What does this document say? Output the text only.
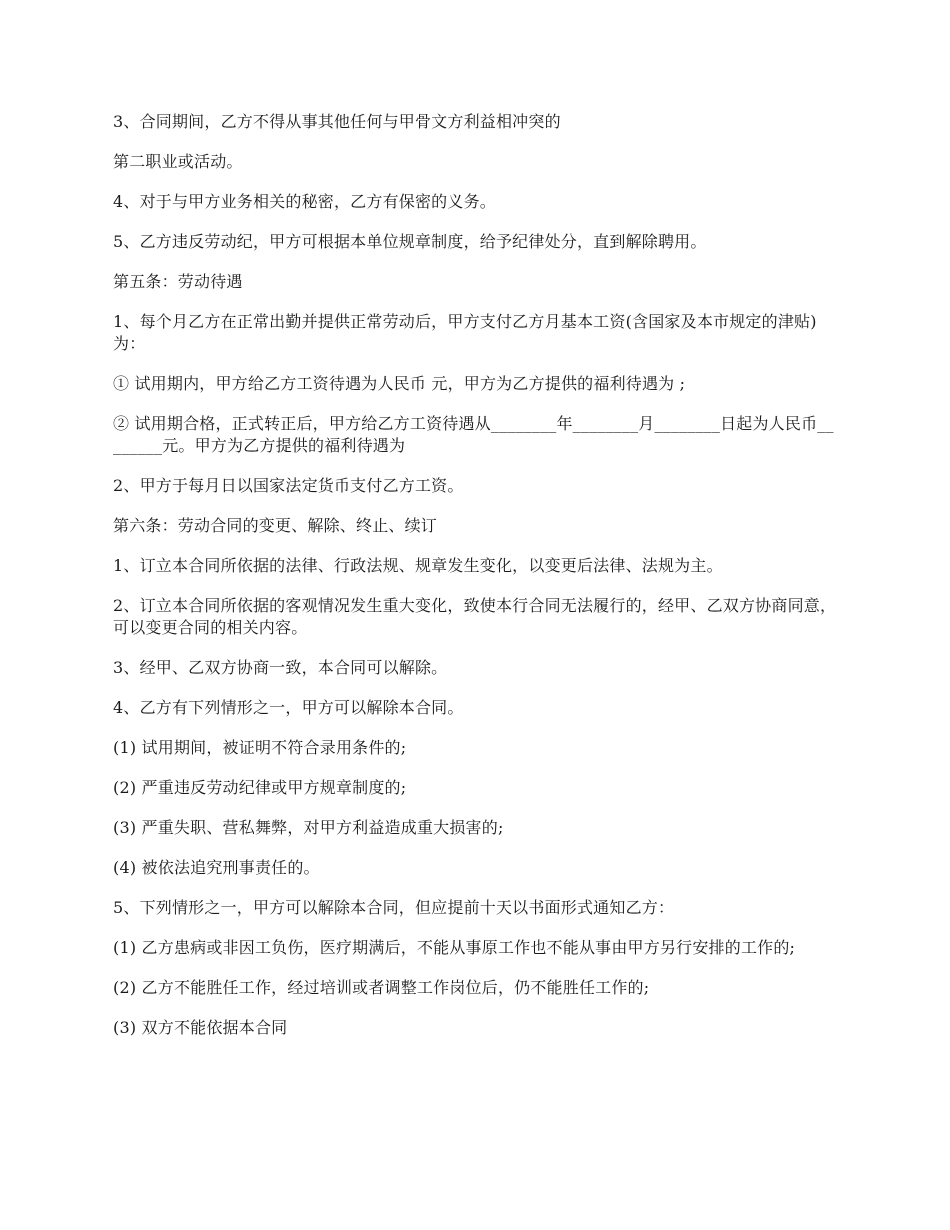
3、合同期间，乙方不得从事其他任何与甲骨文方利益相冲突的

第二职业或活动。

4、对于与甲方业务相关的秘密，乙方有保密的义务。

5、乙方违反劳动纪，甲方可根据本单位规章制度，给予纪律处分，直到解除聘用。

第五条：劳动待遇

1、每个月乙方在正常出勤并提供正常劳动后，甲方支付乙方月基本工资(含国家及本市规定的津贴)为：

① 试用期内，甲方给乙方工资待遇为人民币 元，甲方为乙方提供的福利待遇为 ;

② 试用期合格，正式转正后，甲方给乙方工资待遇从________年________月________日起为人民币________元。甲方为乙方提供的福利待遇为

2、甲方于每月日以国家法定货币支付乙方工资。

第六条：劳动合同的变更、解除、终止、续订

1、订立本合同所依据的法律、行政法规、规章发生变化，以变更后法律、法规为主。

2、订立本合同所依据的客观情况发生重大变化，致使本行合同无法履行的，经甲、乙双方协商同意，可以变更合同的相关内容。

3、经甲、乙双方协商一致，本合同可以解除。

4、乙方有下列情形之一，甲方可以解除本合同。

(1) 试用期间，被证明不符合录用条件的;

(2) 严重违反劳动纪律或甲方规章制度的;

(3) 严重失职、营私舞弊，对甲方利益造成重大损害的;

(4) 被依法追究刑事责任的。

5、下列情形之一，甲方可以解除本合同，但应提前十天以书面形式通知乙方：

(1) 乙方患病或非因工负伤，医疗期满后，不能从事原工作也不能从事由甲方另行安排的工作的;

(2) 乙方不能胜任工作，经过培训或者调整工作岗位后，仍不能胜任工作的;

(3) 双方不能依据本合同
